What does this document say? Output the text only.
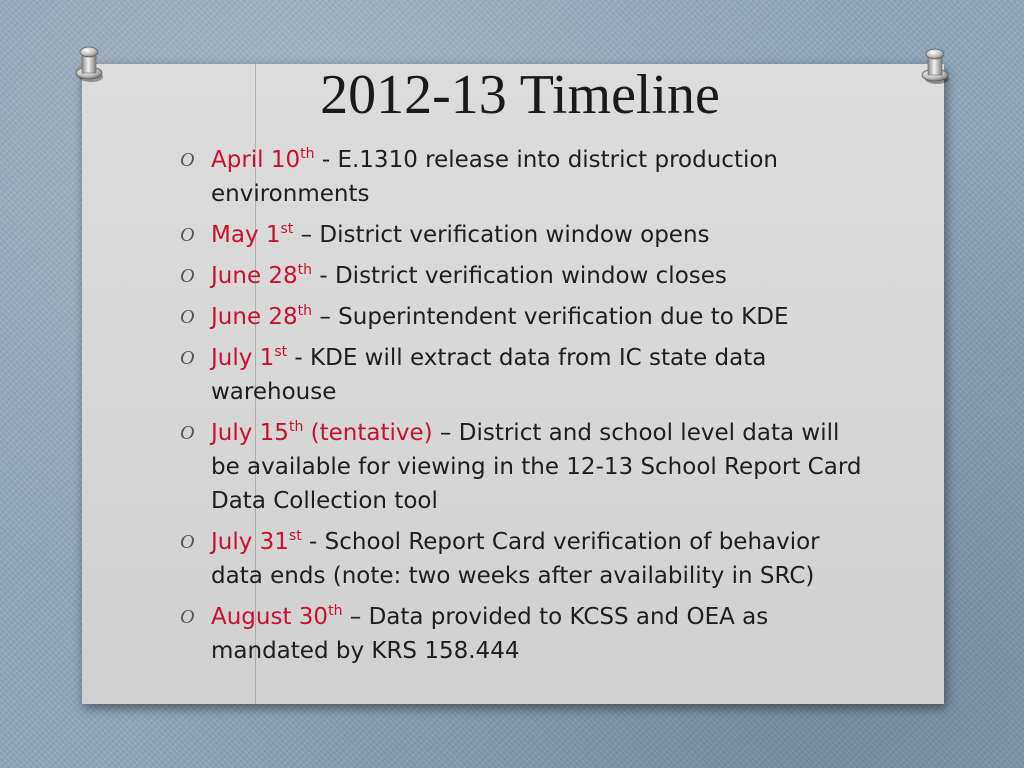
2012-13 Timeline
O April 10th - E.1310 release into district production environments
O May 1st – District verification window opens
O June 28th - District verification window closes
O June 28th – Superintendent verification due to KDE
O July 1st - KDE will extract data from IC state data warehouse
O July 15th (tentative) – District and school level data will be available for viewing in the 12-13 School Report Card Data Collection tool
O July 31st - School Report Card verification of behavior data ends (note: two weeks after availability in SRC)
O August 30th – Data provided to KCSS and OEA as mandated by KRS 158.444
